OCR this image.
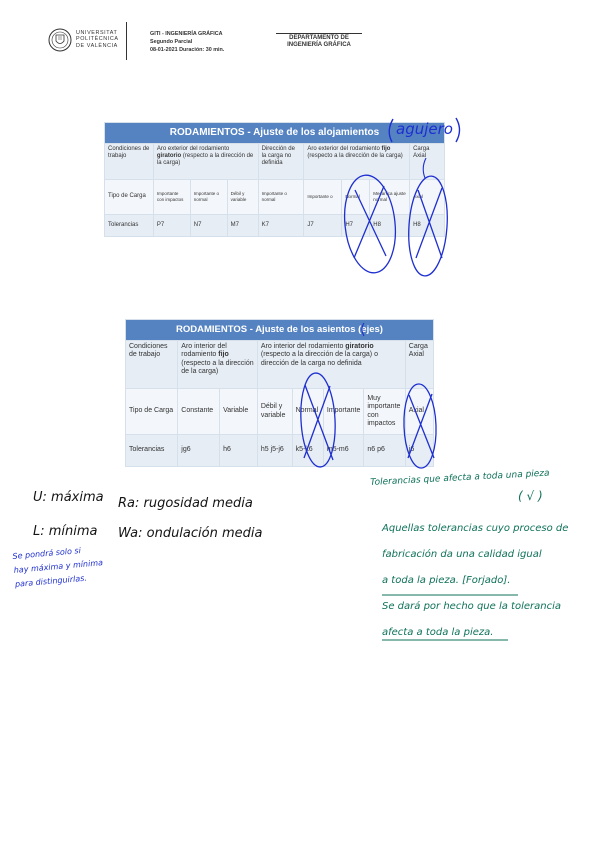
UNIVERSITAT
POLITÈCNICA
DE VALÈNCIA
GITI - INGENIERÍA GRÁFICA
Segundo Parcial
08-01-2021 Duración: 30 min.
DEPARTAMENTO DE
INGENIERÍA GRÁFICA
RODAMIENTOS - Ajuste de los alojamientos								
Condiciones de trabajo	Aro exterior del rodamiento giratorio (respecto a la dirección de la carga)			Dirección de la carga no definida	Aro exterior del rodamiento fijo (respecto a la dirección de la carga)			Carga Axial
Tipo de Carga	Importante con impactos	Importante o normal	Débil y variable	Importante o normal	Importante o	Normal	Mecanica ajuste normal	Axial
Tolerancias	P7	N7	M7	K7	J7	H7	H8	H8
RODAMIENTOS - Ajuste de los asientos (ejes)							
Condiciones de trabajo	Aro interior del rodamiento fijo (respecto a la dirección de la carga)		Aro interior del rodamiento giratorio (respecto a la dirección de la carga) o dirección de la carga no definida				Carga Axial
Tipo de Carga	Constante	Variable	Débil y variable	Normal	Importante	Muy importante con impactos	Axial
Tolerancias	jg6	h6	h5 j5-j6	k5-k6	m5-m6	n6 p6	j6
agujero
U: máxima
L: mínima
Ra: rugosidad media
Wa: ondulación media
Se pondrá solo si
hay máxima y mínima
para distinguirlas.
Tolerancias que afecta a toda una pieza
( √ )
Aquellas tolerancias cuyo proceso de
fabricación da una calidad igual
a toda la pieza. [Forjado].
Se dará por hecho que la tolerancia
afecta a toda la pieza.
